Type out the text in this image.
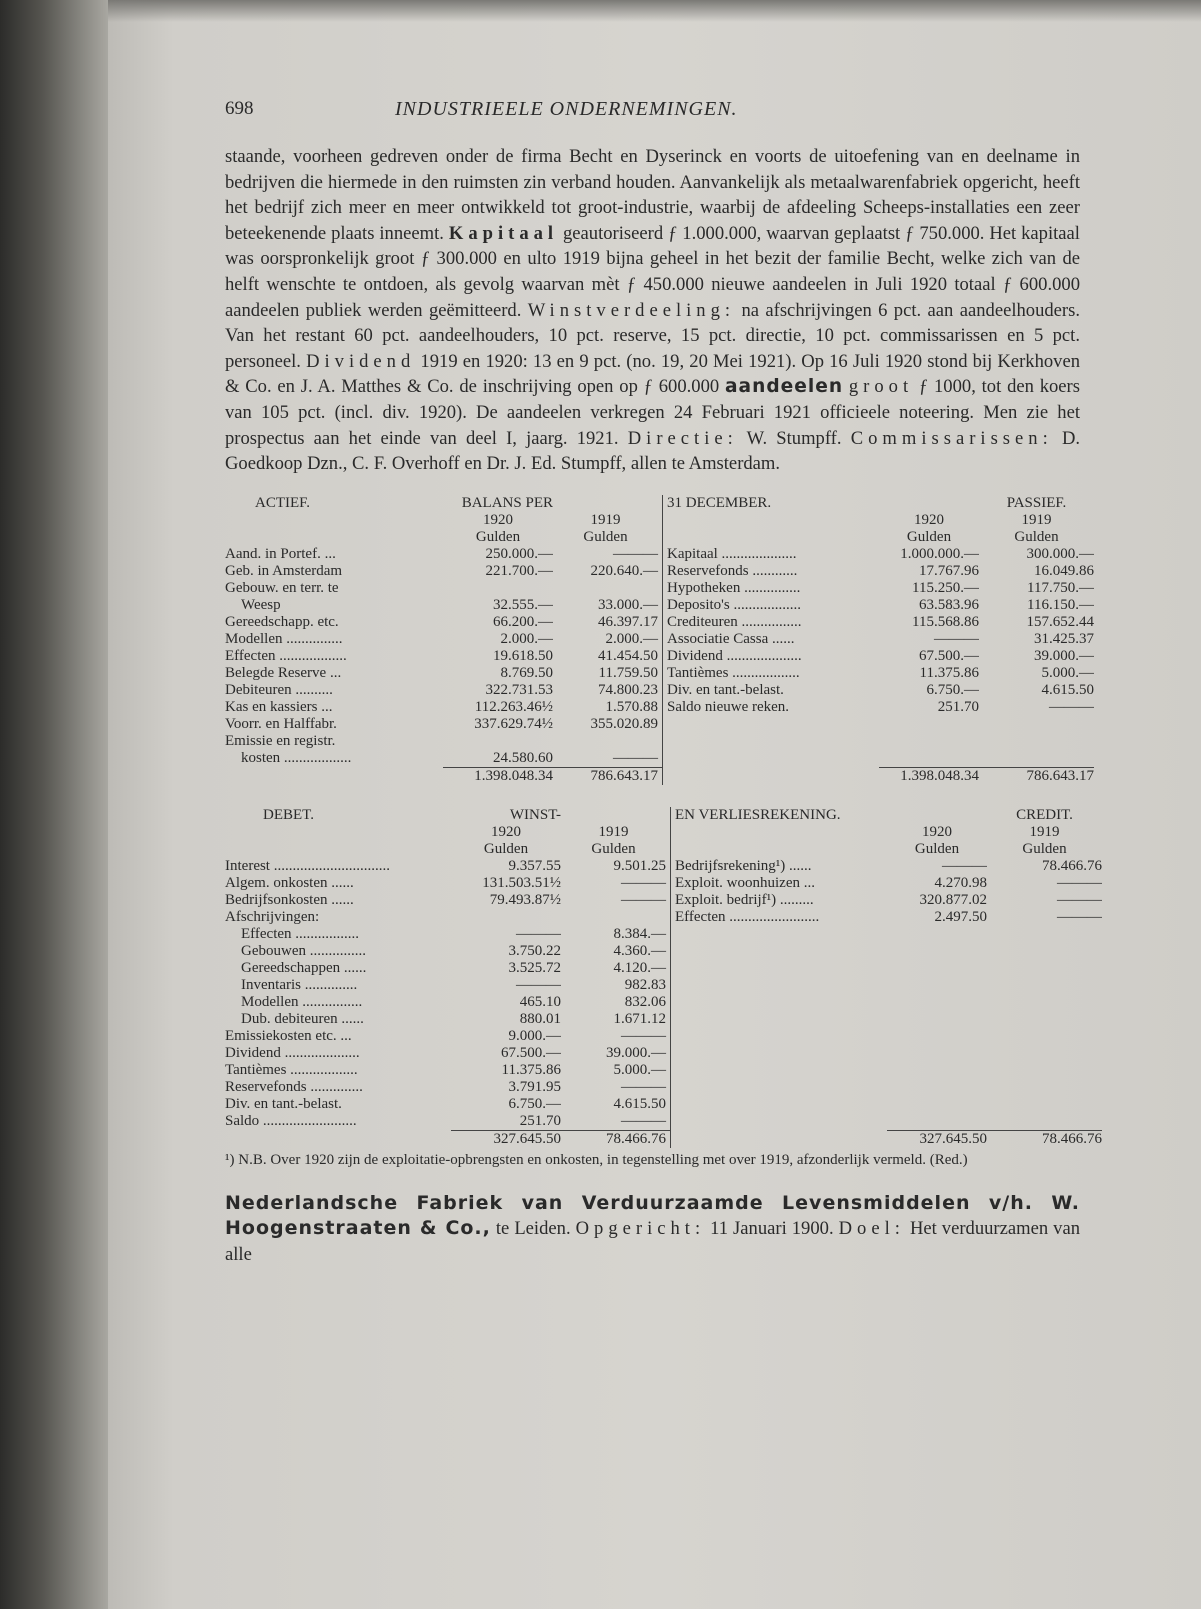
698	INDUSTRIEELE ONDERNEMINGEN.

staande, voorheen gedreven onder de firma Becht en Dyserinck en voorts de uitoefening van en deelname in bedrijven die hiermede in den ruimsten zin verband houden. Aanvankelijk als metaalwarenfabriek opgericht, heeft het bedrijf zich meer en meer ontwikkeld tot groot-industrie, waarbij de afdeeling Scheeps-installaties een zeer beteekenende plaats inneemt. Kapitaal geautoriseerd ƒ 1.000.000, waarvan geplaatst ƒ 750.000. Het kapitaal was oorspronkelijk groot ƒ 300.000 en ulto 1919 bijna geheel in het bezit der familie Becht, welke zich van de helft wenschte te ontdoen, als gevolg waarvan mèt ƒ 450.000 nieuwe aandeelen in Juli 1920 totaal ƒ 600.000 aandeelen publiek werden geëmitteerd. Winstverdeeling: na afschrijvingen 6 pct. aan aandeelhouders. Van het restant 60 pct. aandeelhouders, 10 pct. reserve, 15 pct. directie, 10 pct. commissarissen en 5 pct. personeel. Dividend 1919 en 1920: 13 en 9 pct. (no. 19, 20 Mei 1921). Op 16 Juli 1920 stond bij Kerkhoven & Co. en J. A. Matthes & Co. de inschrijving open op ƒ 600.000 aandeelen groot ƒ 1000, tot den koers van 105 pct. (incl. div. 1920). De aandeelen verkregen 24 Februari 1921 officieele noteering. Men zie het prospectus aan het einde van deel I, jaarg. 1921. Directie: W. Stumpff. Commissarissen: D. Goedkoop Dzn., C. F. Overhoff en Dr. J. Ed. Stumpff, allen te Amsterdam.

ACTIEF.	BALANS PER		31 DECEMBER.		PASSIEF.
	1920	1919		1920	1919
	Gulden	Gulden		Gulden	Gulden
Aand. in Portef. ...	250.000.—	———	Kapitaal ....................	1.000.000.—	300.000.—
Geb. in Amsterdam	221.700.—	220.640.—	Reservefonds ............	17.767.96	16.049.86
Gebouw. en terr. te			Hypotheken ...............	115.250.—	117.750.—
Weesp	32.555.—	33.000.—	Deposito's ..................	63.583.96	116.150.—
Gereedschapp. etc.	66.200.—	46.397.17	Crediteuren ................	115.568.86	157.652.44
Modellen ...............	2.000.—	2.000.—	Associatie Cassa ......	———	31.425.37
Effecten ..................	19.618.50	41.454.50	Dividend ....................	67.500.—	39.000.—
Belegde Reserve ...	8.769.50	11.759.50	Tantièmes ..................	11.375.86	5.000.—
Debiteuren ..........	322.731.53	74.800.23	Div. en tant.-belast.	6.750.—	4.615.50
Kas en kassiers ...	112.263.46½	1.570.88	Saldo nieuwe reken.	251.70	———
Voorr. en Halffabr.	337.629.74½	355.020.89			
Emissie en registr.					
kosten ..................	24.580.60	———			
	1.398.048.34	786.643.17		1.398.048.34	786.643.17
DEBET.	WINST-		EN VERLIESREKENING.		CREDIT.
	1920	1919		1920	1919
	Gulden	Gulden		Gulden	Gulden
Interest ...............................	9.357.55	9.501.25	Bedrijfsrekening¹) ......	———	78.466.76
Algem. onkosten ......	131.503.51½	———	Exploit. woonhuizen ...	4.270.98	———
Bedrijfsonkosten ......	79.493.87½	———	Exploit. bedrijf¹) .........	320.877.02	———
Afschrijvingen:			Effecten ........................	2.497.50	———
Effecten .................	———	8.384.—			
Gebouwen ...............	3.750.22	4.360.—			
Gereedschappen ......	3.525.72	4.120.—			
Inventaris ..............	———	982.83			
Modellen ................	465.10	832.06			
Dub. debiteuren ......	880.01	1.671.12			
Emissiekosten etc. ...	9.000.—	———			
Dividend ....................	67.500.—	39.000.—			
Tantièmes ..................	11.375.86	5.000.—			
Reservefonds ..............	3.791.95	———			
Div. en tant.-belast.	6.750.—	4.615.50			
Saldo .........................	251.70	———			
	327.645.50	78.466.76		327.645.50	78.466.76
¹) N.B. Over 1920 zijn de exploitatie-opbrengsten en onkosten, in tegenstelling met over 1919, afzonderlijk vermeld. (Red.)

Nederlandsche Fabriek van Verduurzaamde Levensmiddelen v/h. W. Hoogenstraaten & Co., te Leiden. Opgericht: 11 Januari 1900. Doel: Het verduurzamen van alle
